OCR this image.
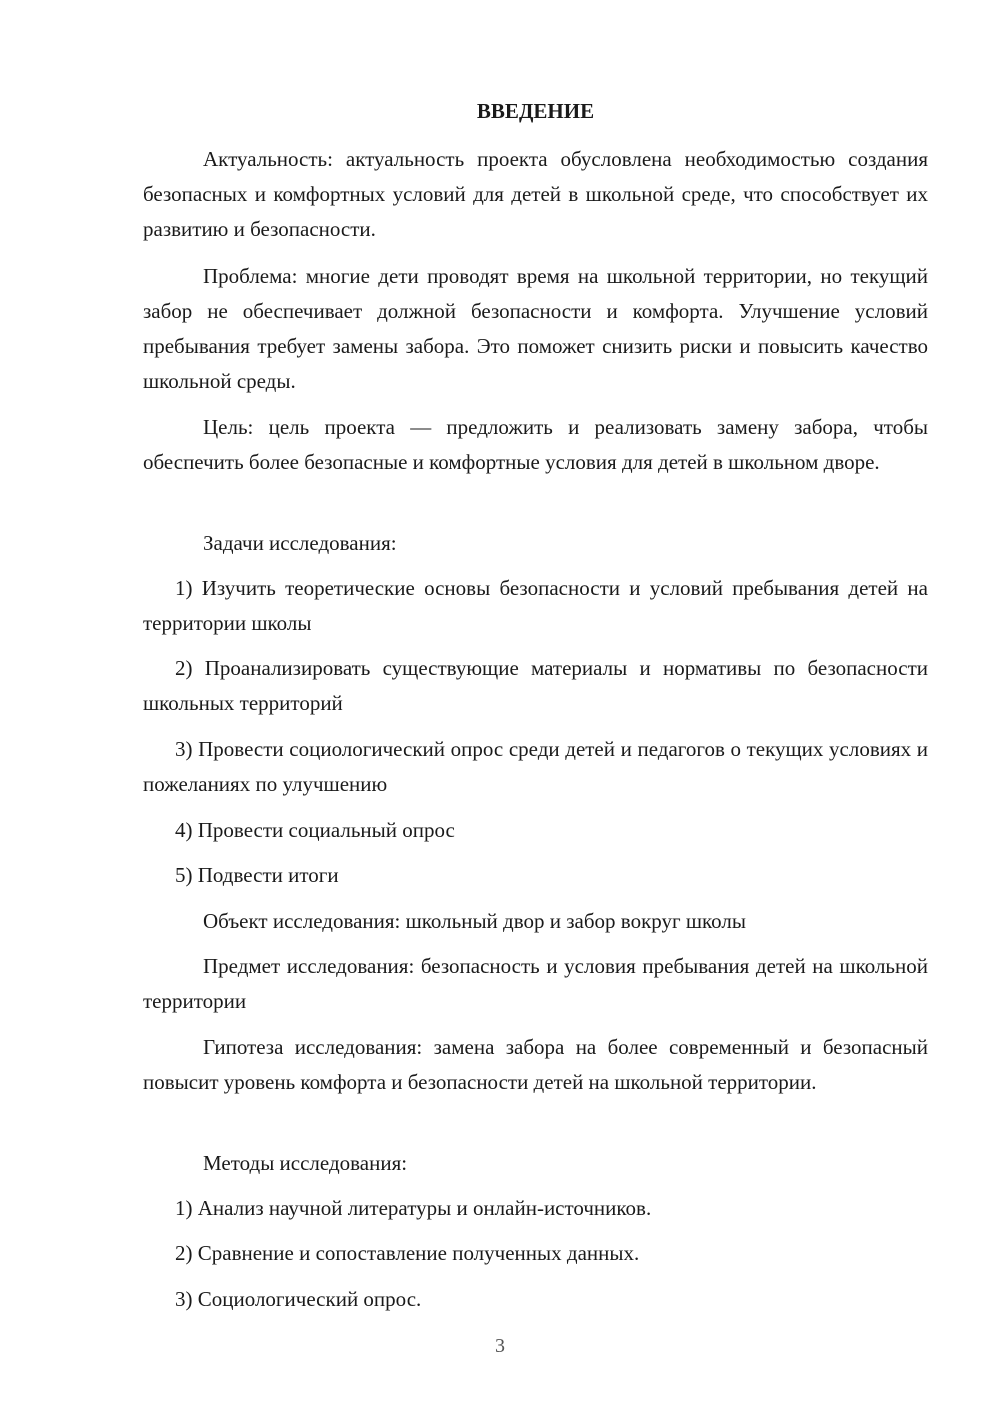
ВВЕДЕНИЕ

Актуальность: актуальность проекта обусловлена необходимостью создания безопасных и комфортных условий для детей в школьной среде, что способствует их развитию и безопасности.

Проблема: многие дети проводят время на школьной территории, но текущий забор не обеспечивает должной безопасности и комфорта. Улучшение условий пребывания требует замены забора. Это поможет снизить риски и повысить качество школьной среды.

Цель: цель проекта — предложить и реализовать замену забора, чтобы обеспечить более безопасные и комфортные условия для детей в школьном дворе.

Задачи исследования:

1) Изучить теоретические основы безопасности и условий пребывания детей на территории школы

2) Проанализировать существующие материалы и нормативы по безопасности школьных территорий

3) Провести социологический опрос среди детей и педагогов о текущих условиях и пожеланиях по улучшению

4) Провести социальный опрос

5) Подвести итоги

Объект исследования: школьный двор и забор вокруг школы

Предмет исследования: безопасность и условия пребывания детей на школьной территории

Гипотеза исследования: замена забора на более современный и безопасный повысит уровень комфорта и безопасности детей на школьной территории.

Методы исследования:

1) Анализ научной литературы и онлайн-источников.

2) Сравнение и сопоставление полученных данных.

3) Социологический опрос.

3
